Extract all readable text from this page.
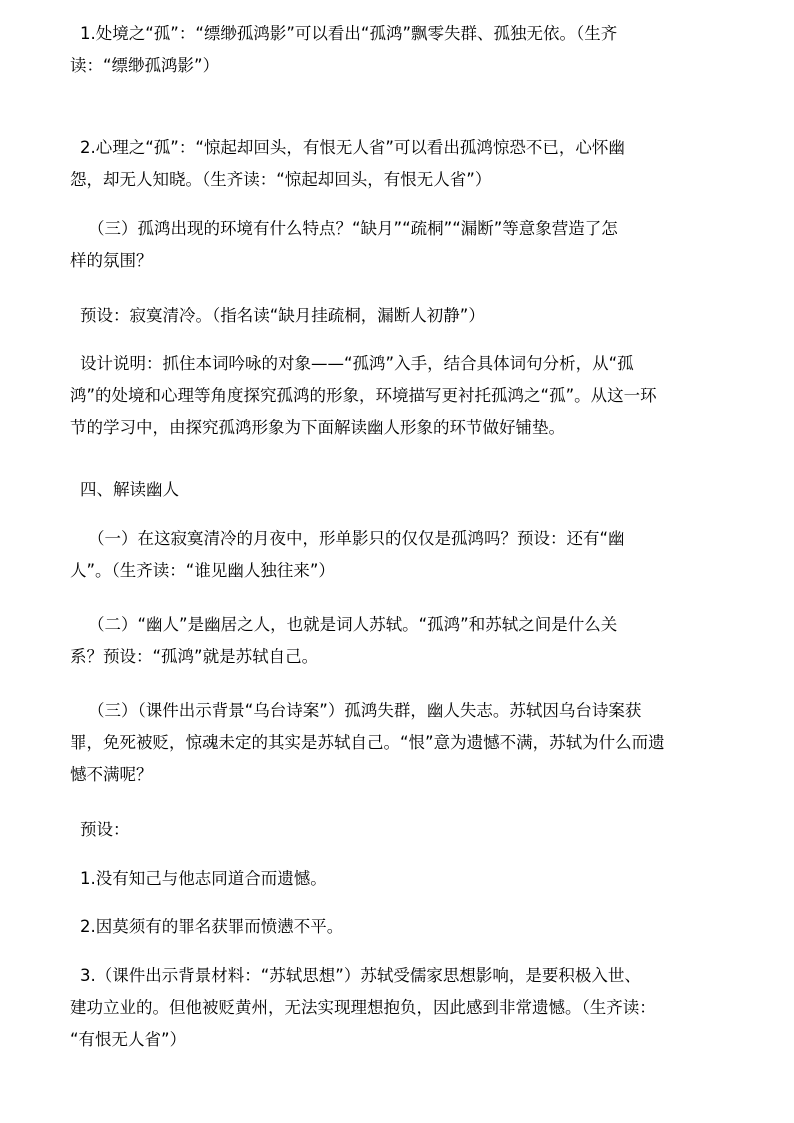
1.处境之“孤”：“缥缈孤鸿影”可以看出“孤鸿”飘零失群、孤独无依。（生齐
读：“缥缈孤鸿影”）
2.心理之“孤”：“惊起却回头，有恨无人省”可以看出孤鸿惊恐不已，心怀幽
怨，却无人知晓。（生齐读：“惊起却回头，有恨无人省”）
（三）孤鸿出现的环境有什么特点？“缺月”“疏桐”“漏断”等意象营造了怎
样的氛围？
预设：寂寞清冷。（指名读“缺月挂疏桐，漏断人初静”）
设计说明：抓住本词吟咏的对象——“孤鸿”入手，结合具体词句分析，从“孤
鸿”的处境和心理等角度探究孤鸿的形象，环境描写更衬托孤鸿之“孤”。从这一环
节的学习中，由探究孤鸿形象为下面解读幽人形象的环节做好铺垫。
四、解读幽人
（一）在这寂寞清冷的月夜中，形单影只的仅仅是孤鸿吗？预设：还有“幽
人”。（生齐读：“谁见幽人独往来”）
（二）“幽人”是幽居之人，也就是词人苏轼。“孤鸿”和苏轼之间是什么关
系？预设：“孤鸿”就是苏轼自己。
（三）（课件出示背景“乌台诗案”）孤鸿失群，幽人失志。苏轼因乌台诗案获
罪，免死被贬，惊魂未定的其实是苏轼自己。“恨”意为遗憾不满，苏轼为什么而遗
憾不满呢？
预设：
1.没有知己与他志同道合而遗憾。
2.因莫须有的罪名获罪而愤懑不平。
3.（课件出示背景材料：“苏轼思想”）苏轼受儒家思想影响，是要积极入世、
建功立业的。但他被贬黄州，无法实现理想抱负，因此感到非常遗憾。（生齐读：
“有恨无人省”）
